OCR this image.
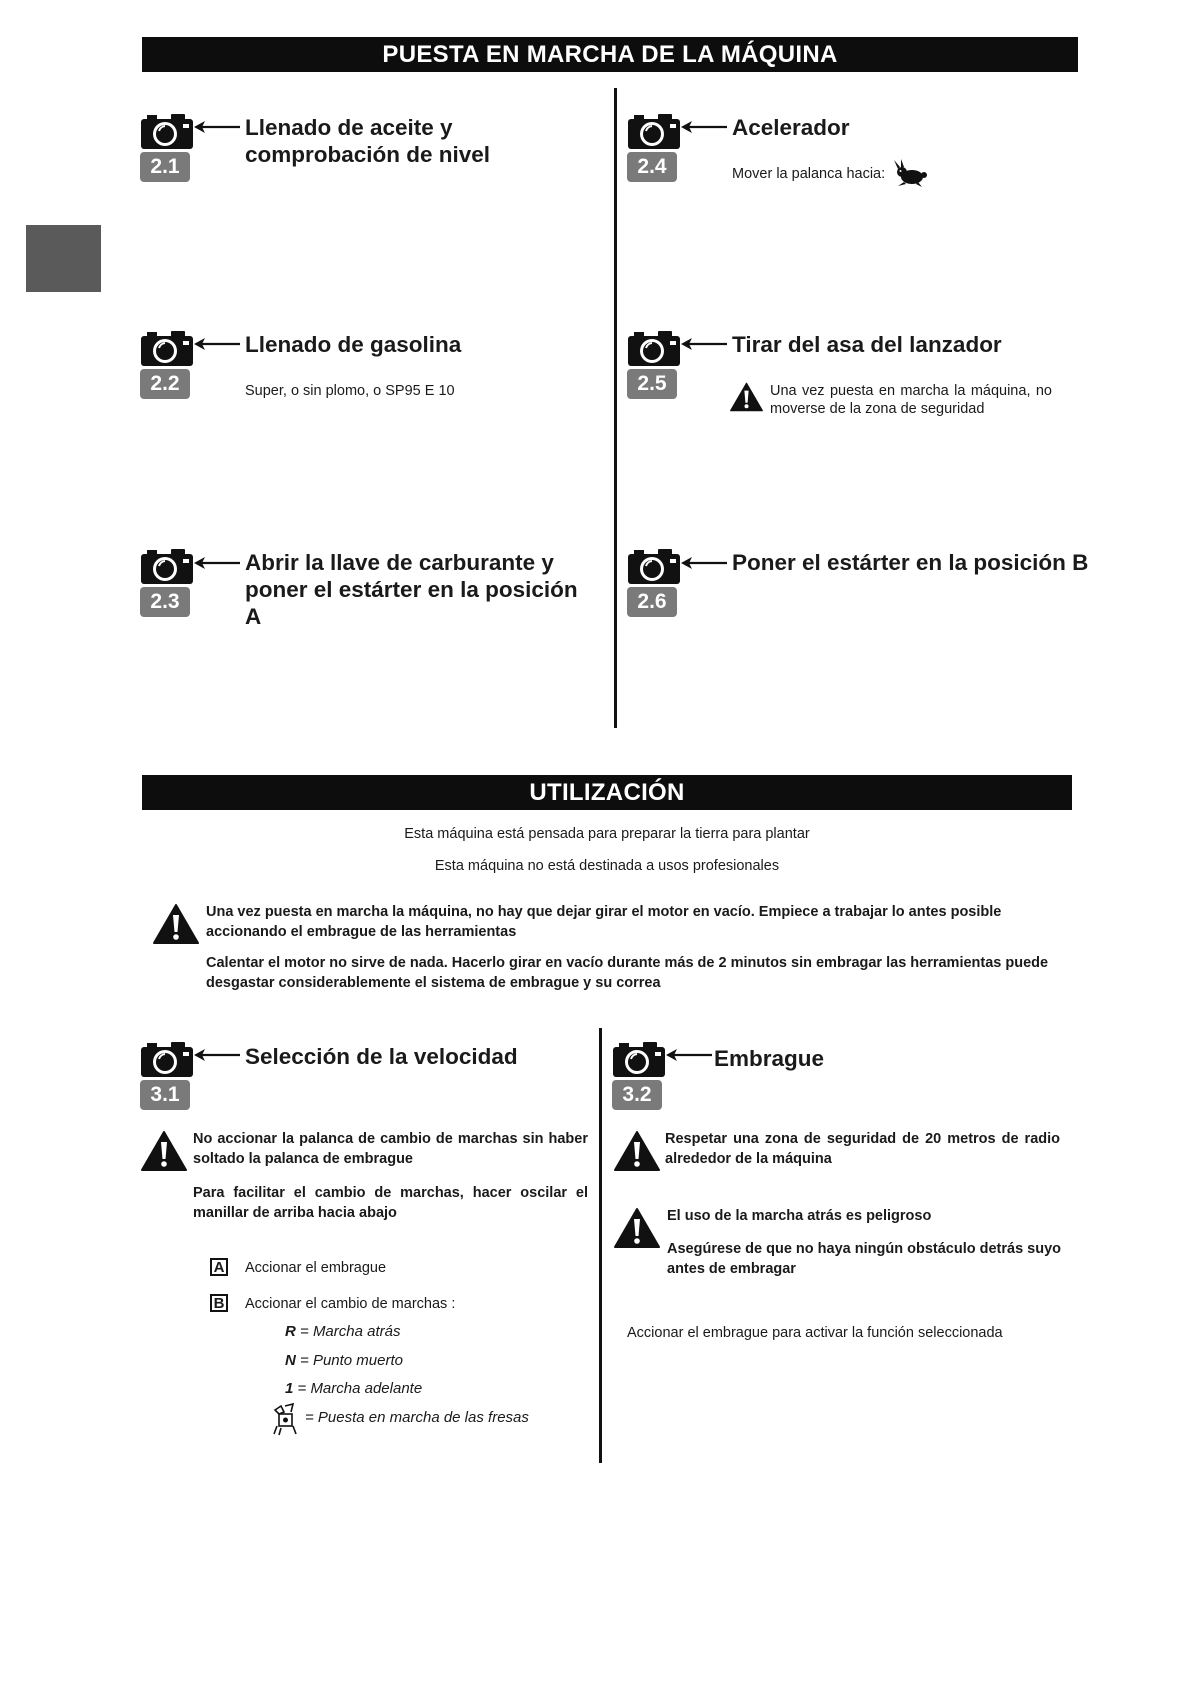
PUESTA EN MARCHA DE LA MÁQUINA
2.1
Llenado de aceite y comprobación de nivel
2.2
Llenado de gasolina
Super, o sin plomo, o SP95 E 10
2.3
Abrir la llave de carburante y poner el estárter en la posición A
2.4
Acelerador
Mover la palanca hacia:
2.5
Tirar del asa del lanzador
Una vez puesta en marcha la máquina, no moverse de la zona de seguridad
2.6
Poner el estárter en la posición B
UTILIZACIÓN
Esta máquina está pensada para preparar la tierra para plantar
Esta máquina no está destinada a usos profesionales
Una vez puesta en marcha la máquina, no hay que dejar girar el motor en vacío. Empiece a trabajar lo antes posible accionando el embrague de las herramientas
Calentar el motor no sirve de nada. Hacerlo girar en vacío durante más de 2 minutos sin embragar las herramientas puede desgastar considerablemente el sistema de embrague y su correa
3.1
Selección de la velocidad
No accionar la palanca de cambio de marchas sin haber soltado la palanca de embrague
Para facilitar el cambio de marchas, hacer oscilar el manillar de arriba hacia abajo
A Accionar el embrague
B Accionar el cambio de marchas :
R = Marcha atrás
N = Punto muerto
1 = Marcha adelante
= Puesta en marcha de las fresas
3.2
Embrague
Respetar una zona de seguridad de 20 metros de radio alrededor de la máquina
El uso de la marcha atrás es peligroso
Asegúrese de que no haya ningún obstáculo detrás suyo antes de embragar
Accionar el embrague para activar la función seleccionada
